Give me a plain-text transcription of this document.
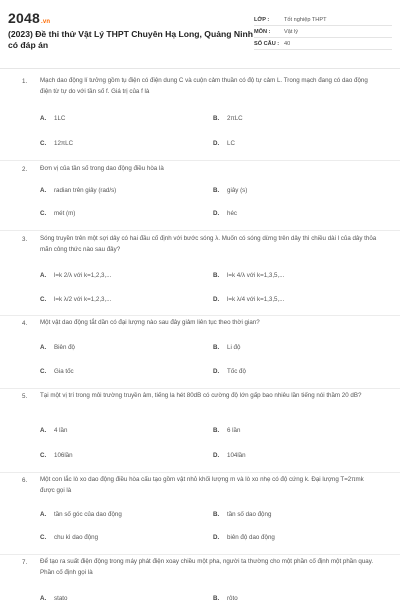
2048.vn
(2023) Đề thi thử Vật Lý THPT Chuyên Hạ Long, Quảng Ninh có đáp án
LỚP :	Tốt nghiệp THPT
MÔN :	Vật lý
SỐ CÂU : 40
1. Mạch dao động lí tưởng gồm tụ điện có điện dung C và cuộn cảm thuần có độ tự cảm L. Trong mạch đang có dao động điện từ tự do với tần số f. Giá trị của f là
A.	1LC	B.	2πLC
C.	12πLC	D.	LC
2. Đơn vị của tần số trong dao động điều hòa là
A.	radian trên giây (rad/s)	B.	giây (s)
C.	mét (m)	D.	héc
3. Sóng truyền trên một sợi dây có hai đầu cố định với bước sóng λ. Muốn có sóng dừng trên dây thì chiều dài l của dây thỏa mãn công thức nào sau đây?
A.	l=k 2/λ với k=1,2,3,...	B.	l=k 4/λ với k=1,3,5,...
C.	l=k λ/2 với k=1,2,3,...	D.	l=k λ/4 với k=1,3,5,...
4. Một vật dao động tắt dần có đại lượng nào sau đây giảm liên tục theo thời gian?
A.	Biên độ	B.	Li độ
C.	Gia tốc	D.	Tốc độ
5. Tại một vị trí trong môi trường truyền âm, tiếng la hét 80dB có cường độ lớn gấp bao nhiêu lần tiếng nói thầm 20 dB?
A.	4 lần	B.	6 lần
C.	106lần	D.	104lần
6. Một con lắc lò xo dao động điều hòa cấu tạo gồm vật nhỏ khối lượng m và lò xo nhẹ có độ cứng k. Đại lượng T=2πmk được gọi là
A.	tần số góc của dao động	B.	tần số dao động
C.	chu kì dao động	D.	biên độ dao động
7. Để tạo ra suất điện động trong máy phát điện xoay chiều một pha, người ta thường cho một phần cố định một phần quay. Phần cố định gọi là
A.	stato	B.	rôto
